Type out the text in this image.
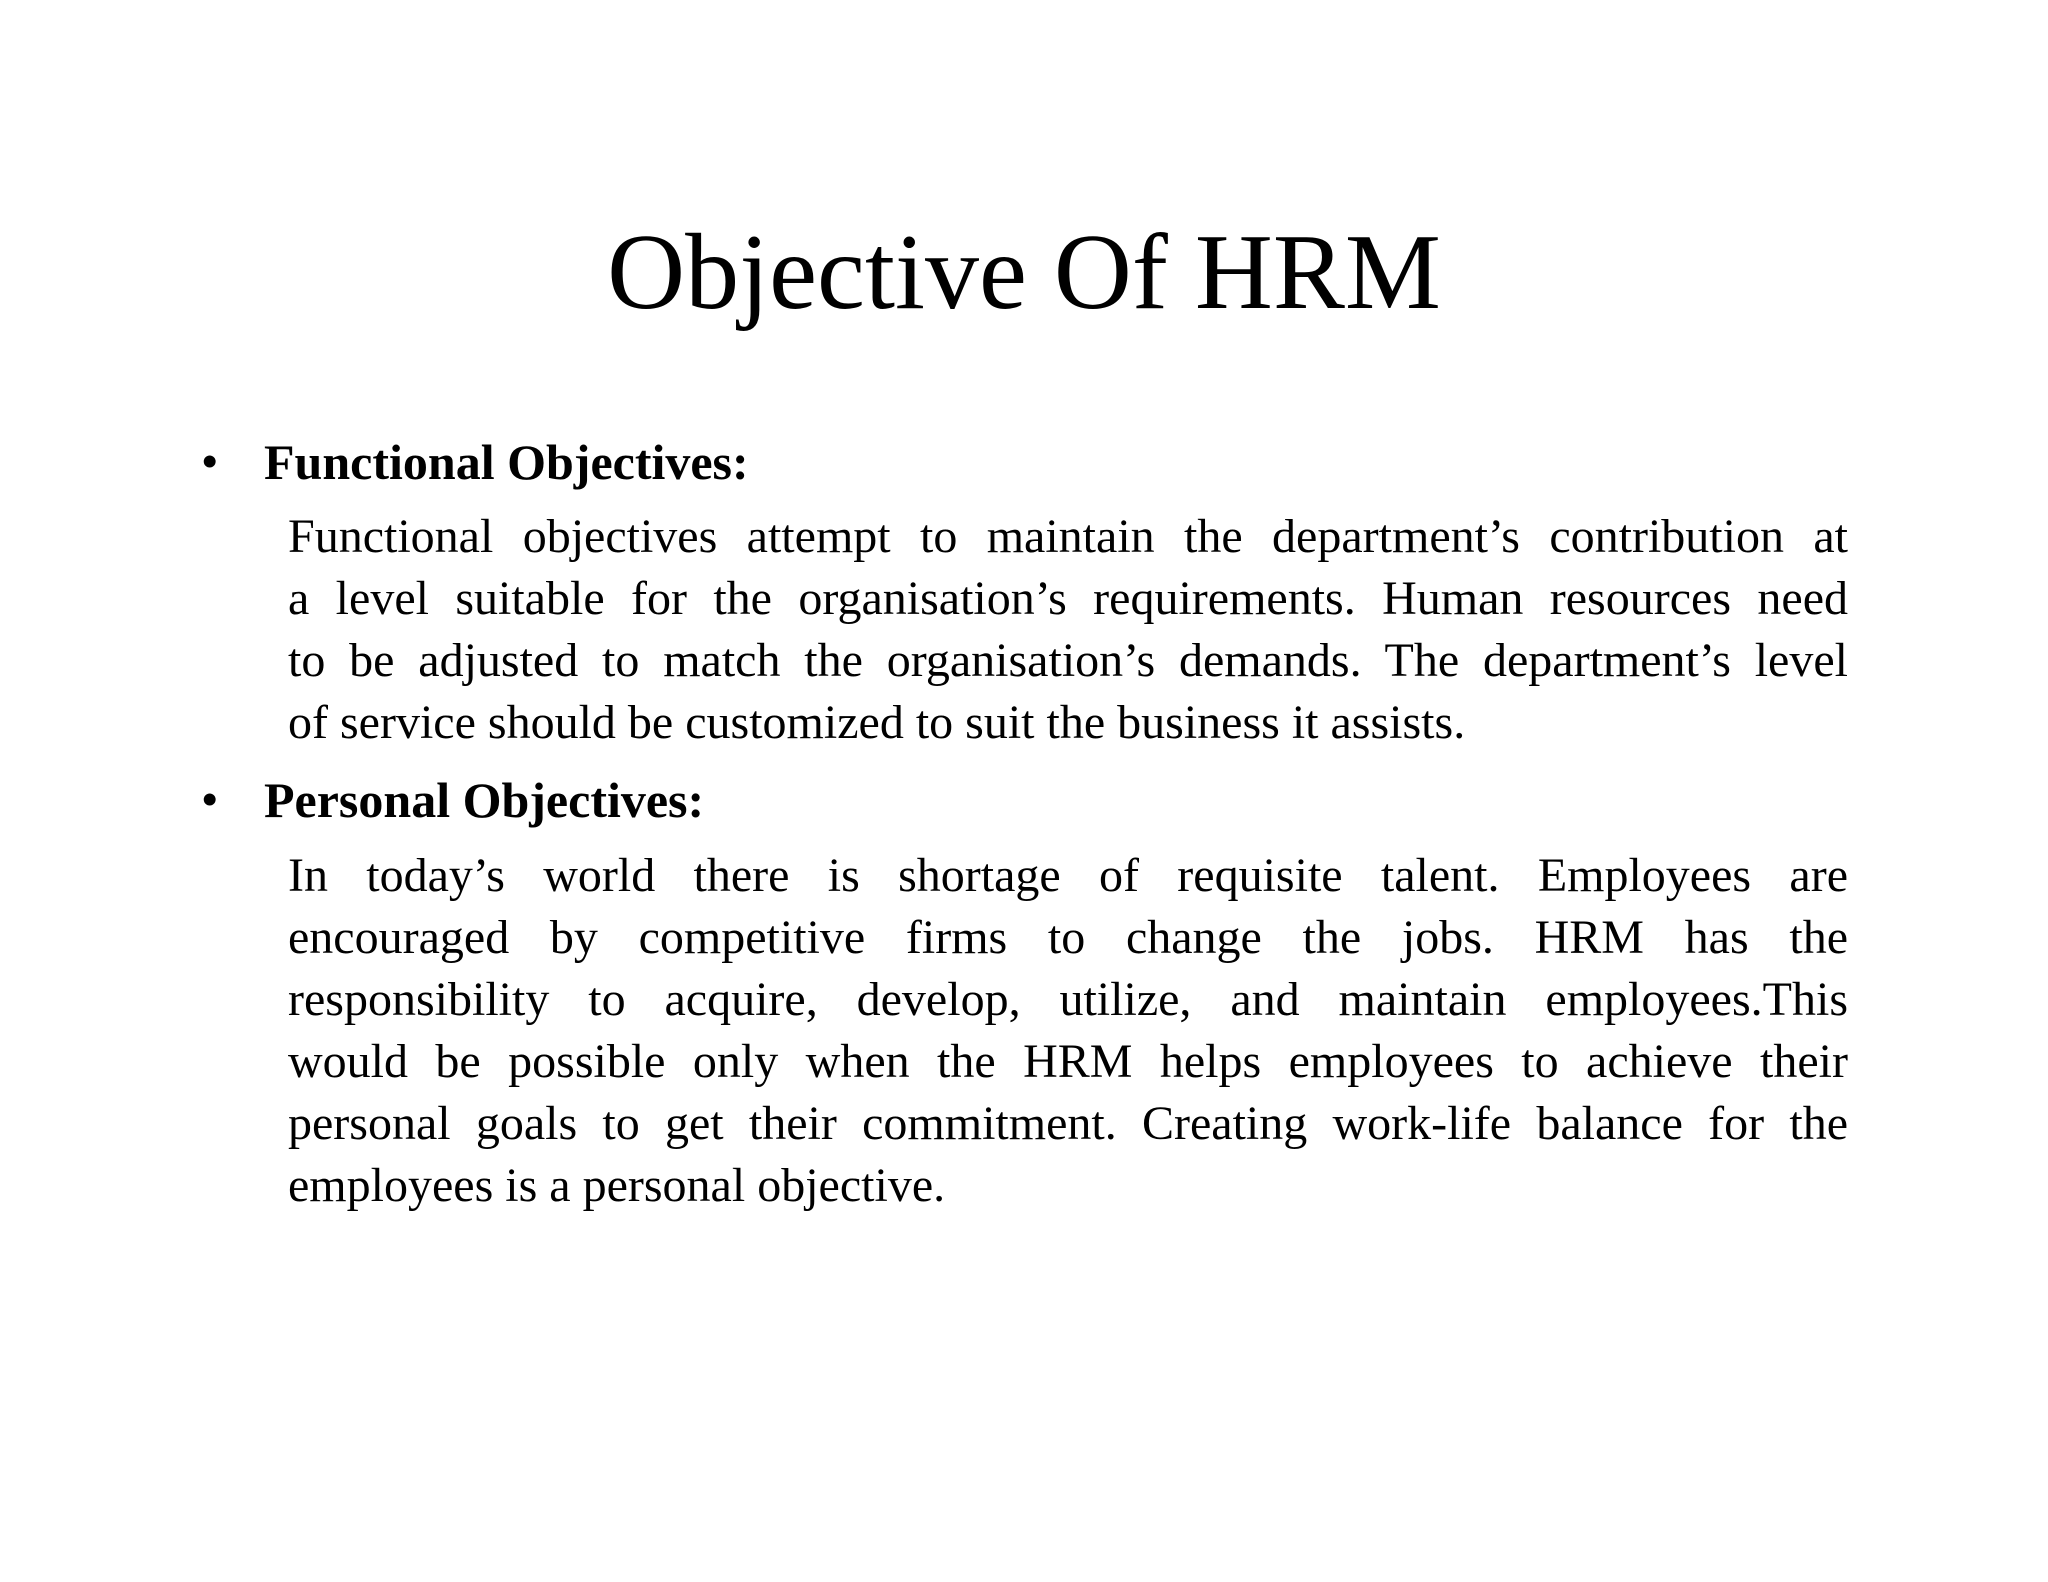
Objective Of HRM
• Functional Objectives:
Functional objectives attempt to maintain the department’s contribution at
a level suitable for the organisation’s requirements. Human resources need
to be adjusted to match the organisation’s demands. The department’s level
of service should be customized to suit the business it assists.
• Personal Objectives:
In today’s world there is shortage of requisite talent. Employees are
encouraged by competitive firms to change the jobs. HRM has the
responsibility to acquire, develop, utilize, and maintain employees.This
would be possible only when the HRM helps employees to achieve their
personal goals to get their commitment. Creating work-life balance for the
employees is a personal objective.
